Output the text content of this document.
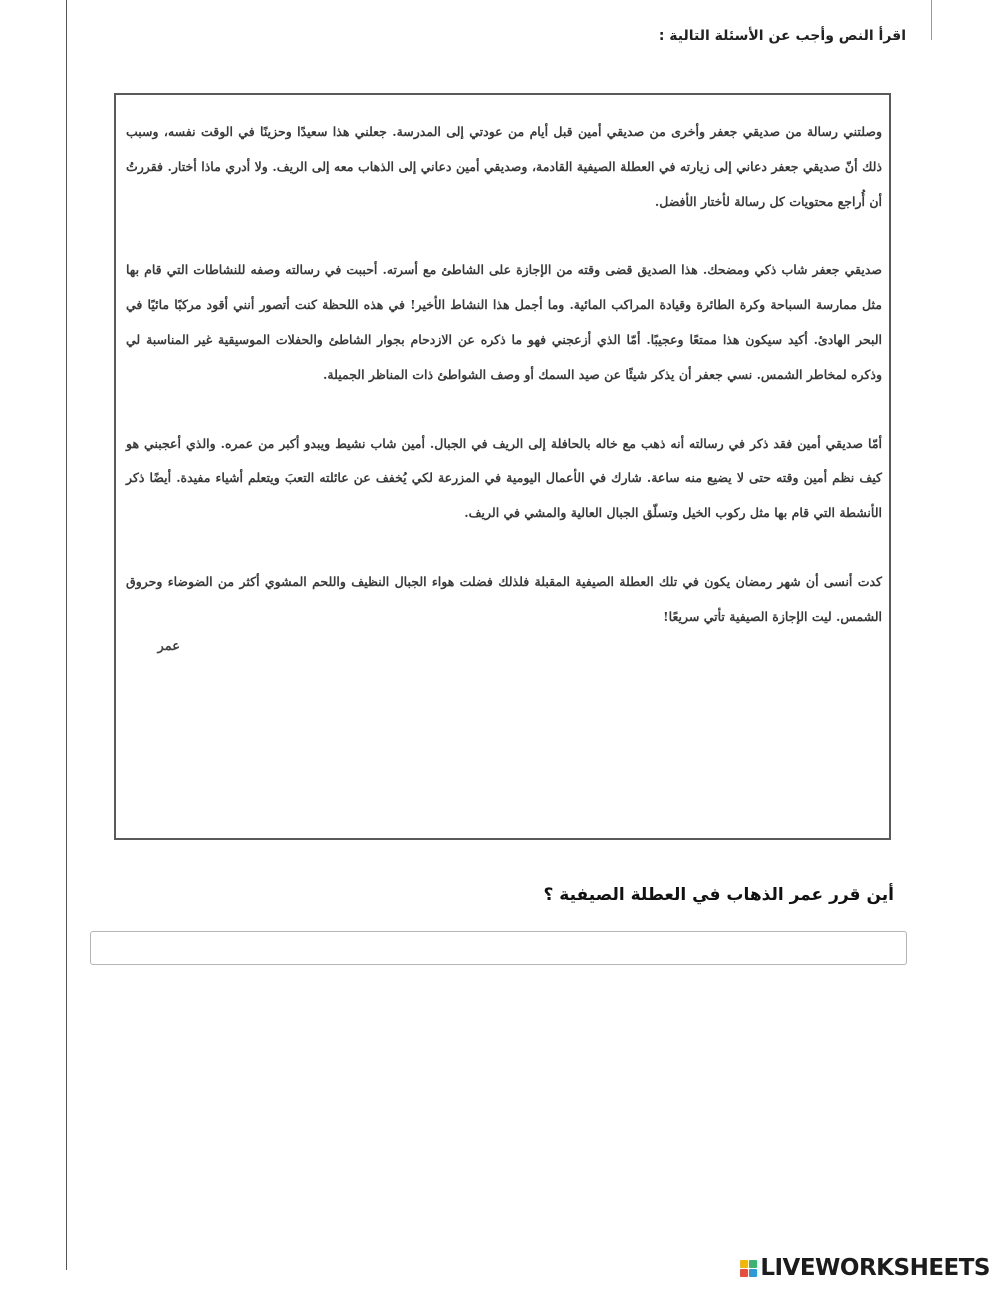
اقرأ النص وأجب عن الأسئلة التالية :

وصلتني رسالة من صديقي جعفر وأخرى من صديقي أمين قبل أيام من عودتي إلى المدرسة. جعلني هذا سعيدًا وحزينًا في الوقت نفسه، وسبب ذلك أنّ صديقي جعفر دعاني إلى زيارته في العطلة الصيفية القادمة، وصديقي أمين دعاني إلى الذهاب معه إلى الريف. ولا أدري ماذا أختار. فقررتُ أن أُراجع محتويات كل رسالة لأختار الأفضل.

صديقي جعفر شاب ذكي ومضحك. هذا الصديق قضى وقته من الإجازة على الشاطئ مع أسرته. أحببت في رسالته وصفه للنشاطات التي قام بها مثل ممارسة السباحة وكرة الطائرة وقيادة المراكب المائية. وما أجمل هذا النشاط الأخير! في هذه اللحظة كنت أتصور أنني أقود مركبًا مائيًا في البحر الهادئ. أكيد سيكون هذا ممتعًا وعجيبًا. أمّا الذي أزعجني فهو ما ذكره عن الازدحام بجوار الشاطئ والحفلات الموسيقية غير المناسبة لي وذكره لمخاطر الشمس. نسي جعفر أن يذكر شيئًا عن صيد السمك أو وصف الشواطئ ذات المناظر الجميلة.

أمّا صديقي أمين فقد ذكر في رسالته أنه ذهب مع خاله بالحافلة إلى الريف في الجبال. أمين شاب نشيط ويبدو أكبر من عمره. والذي أعجبني هو كيف نظم أمين وقته حتى لا يضيع منه ساعة. شارك في الأعمال اليومية في المزرعة لكي يُخفف عن عائلته التعبَ ويتعلم أشياء مفيدة. أيضًا ذكر الأنشطة التي قام بها مثل ركوب الخيل وتسلّق الجبال العالية والمشي في الريف.

كدت أنسى أن شهر رمضان يكون في تلك العطلة الصيفية المقبلة فلذلك فضلت هواء الجبال النظيف واللحم المشوي أكثر من الضوضاء وحروق الشمس. ليت الإجازة الصيفية تأتي سريعًا!

عمر
أين قرر عمر الذهاب في العطلة الصيفية ؟
LIVEWORKSHEETS
